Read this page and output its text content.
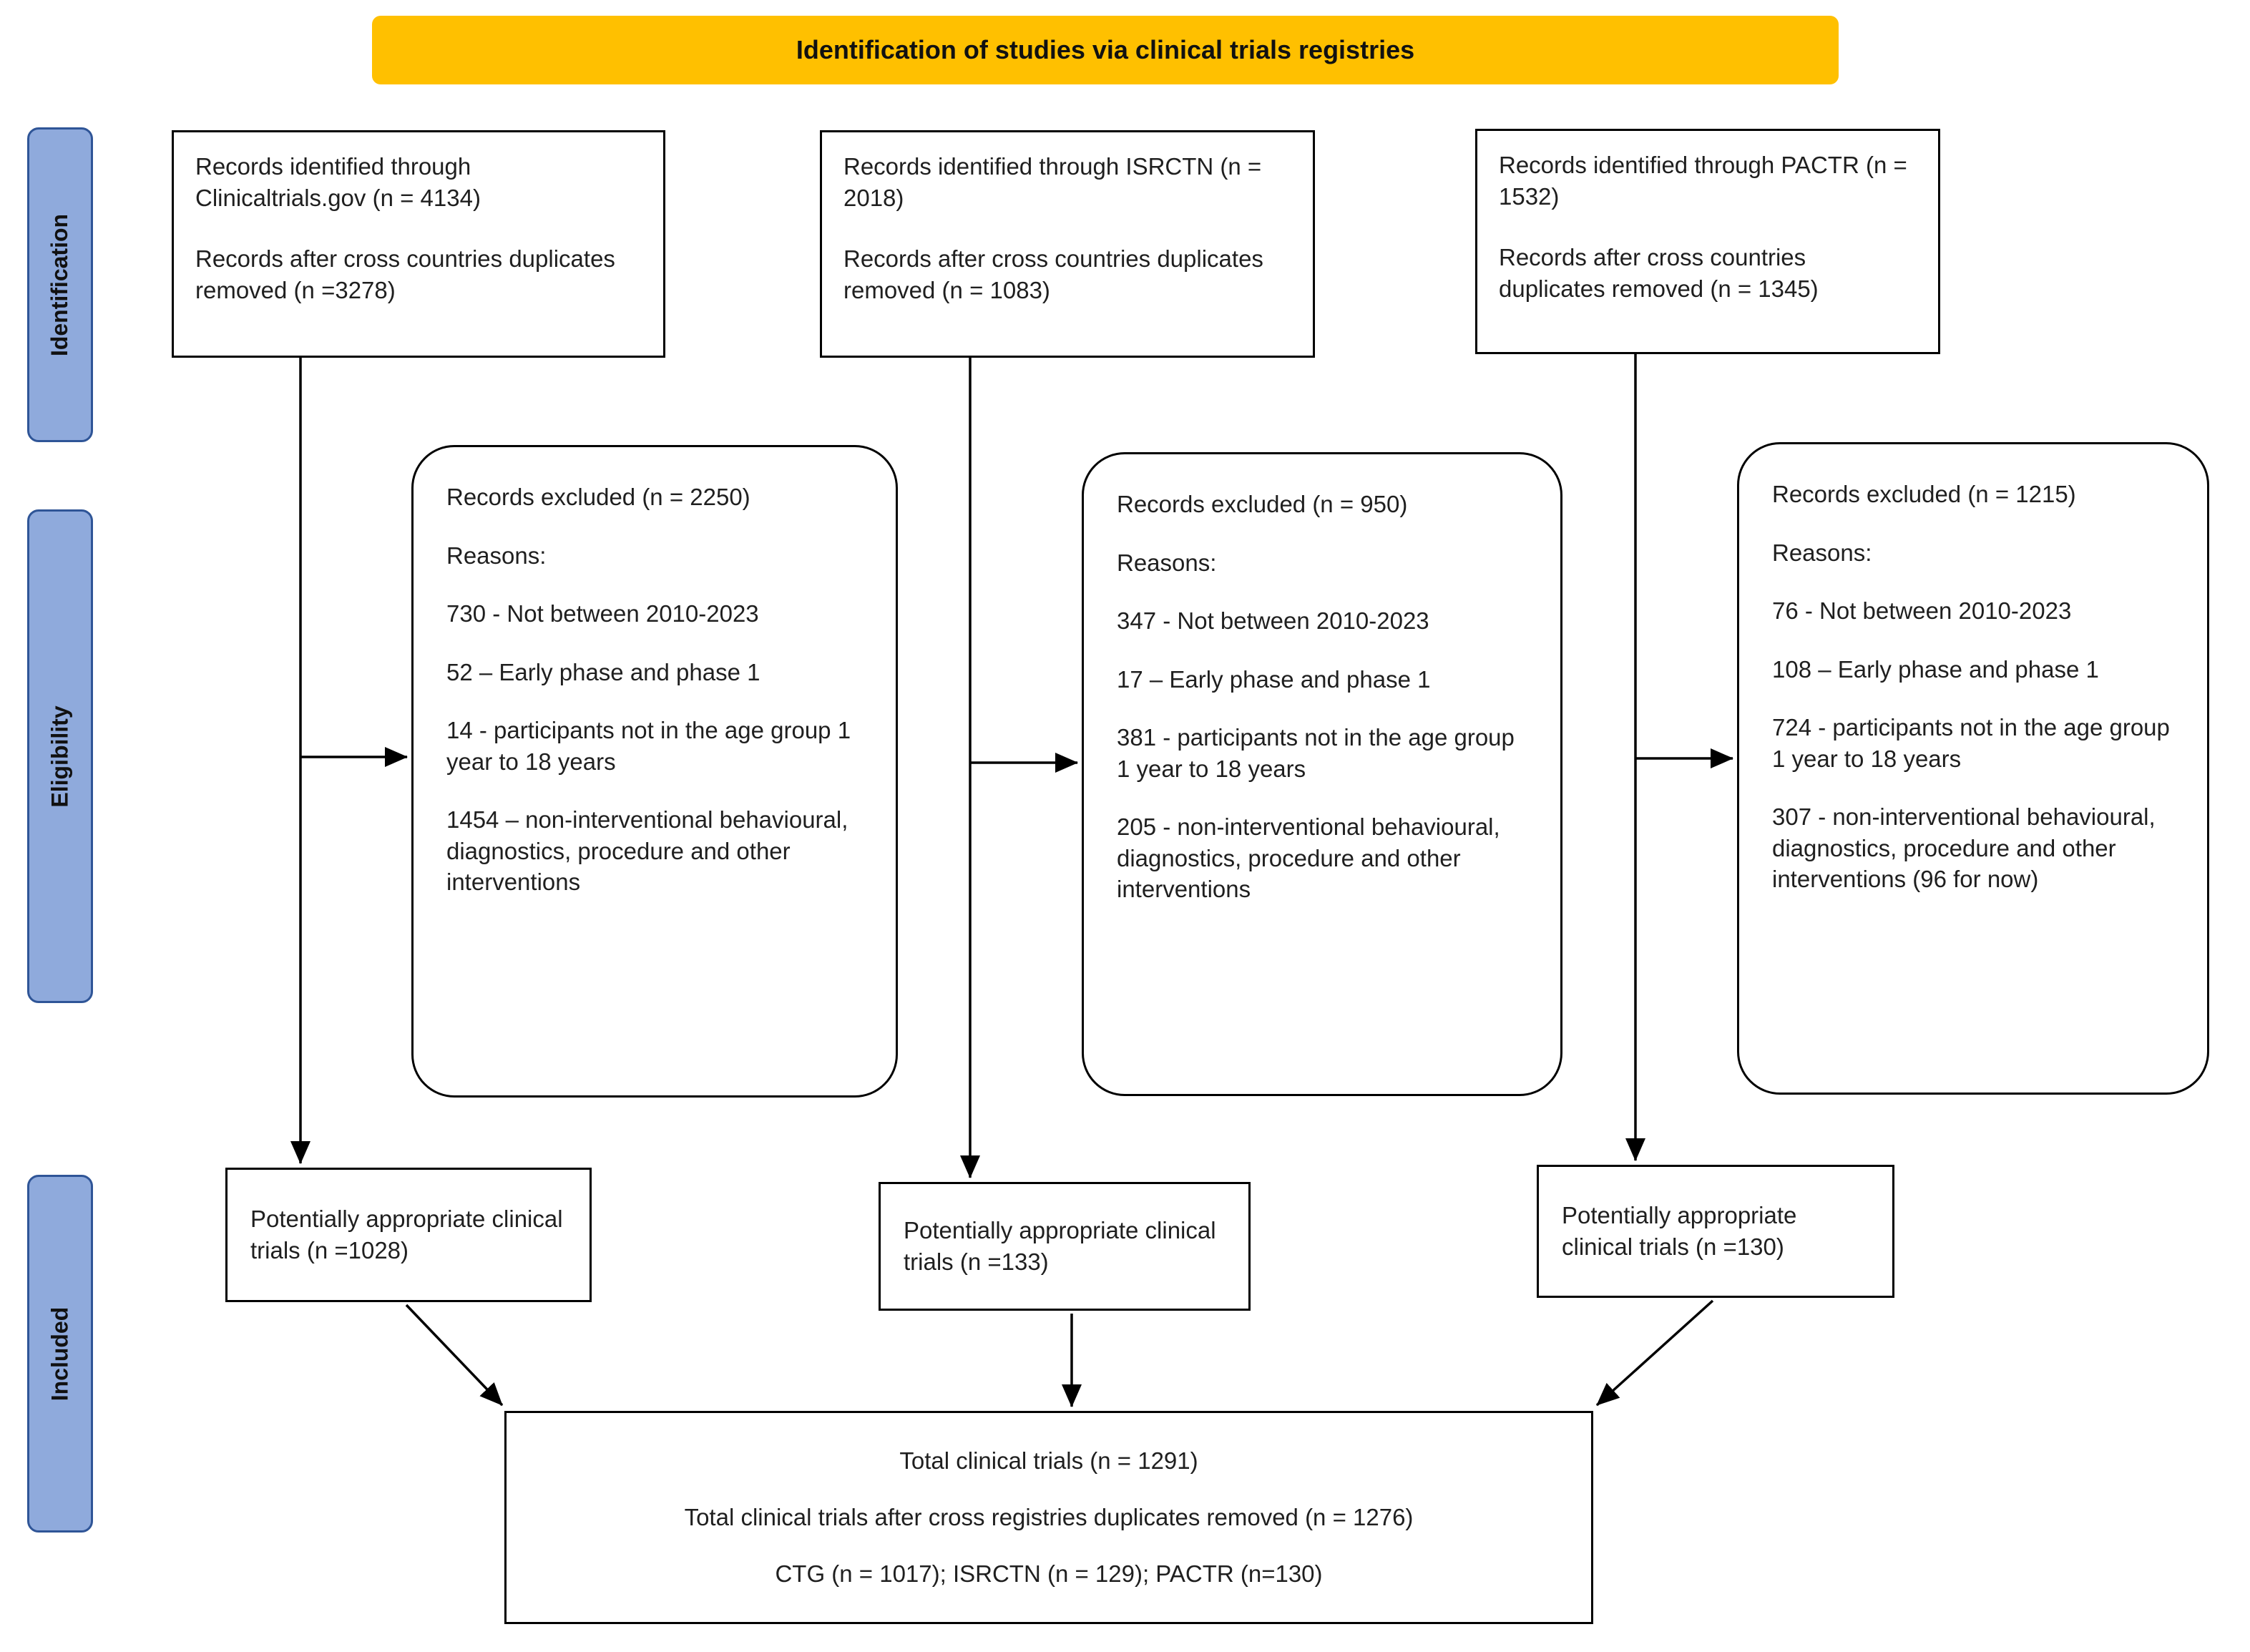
Identification of studies via clinical trials registries
Identification
Eligibility
Included

Records identified through Clinicaltrials.gov (n = 4134)

Records after cross countries duplicates removed (n =3278)

Records excluded (n = 2250)

Reasons:

730 - Not between 2010-2023

52 – Early phase and phase 1

14 - participants not in the age group 1 year to 18 years

1454 – non-interventional behavioural, diagnostics, procedure and other interventions

Potentially appropriate clinical trials (n =1028)

Records identified through ISRCTN (n = 2018)

Records after cross countries duplicates removed (n = 1083)

Records excluded (n = 950)

Reasons:

347 - Not between 2010-2023

17 – Early phase and phase 1

381 - participants not in the age group 1 year to 18 years

205 - non-interventional behavioural, diagnostics, procedure and other interventions

Potentially appropriate clinical trials (n =133)

Records identified through PACTR (n = 1532)

Records after cross countries duplicates removed (n = 1345)

Records excluded (n = 1215)

Reasons:

76 - Not between 2010-2023

108 – Early phase and phase 1

724 - participants not in the age group 1 year to 18 years

307 - non-interventional behavioural, diagnostics, procedure and other interventions (96 for now)

Potentially appropriate clinical trials (n =130)

Total clinical trials (n = 1291)

Total clinical trials after cross registries duplicates removed (n = 1276)

CTG (n = 1017); ISRCTN (n = 129); PACTR (n=130)
